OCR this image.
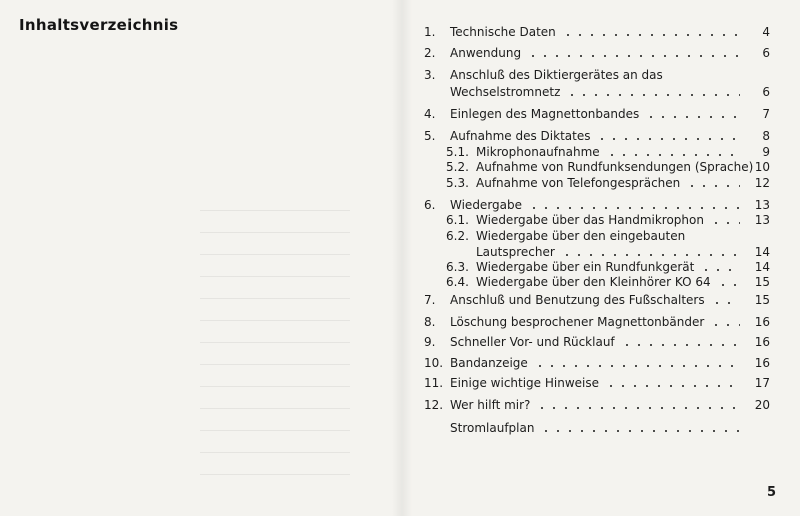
Inhaltsverzeichnis	1. Technische Daten	4
2. Anwendung	6
3. Anschluß des Diktiergerätes an das
Wechselstromnetz	6
4. Einlegen des Magnettonbandes	7
5. Aufnahme des Diktates	8
5.1. Mikrophonaufnahme	9
5.2. Aufnahme von Rundfunksendungen (Sprache) 10
5.3. Aufnahme von Telefongesprächen	12
6. Wiedergabe	13
6.1. Wiedergabe über das Handmikrophon	13
6.2. Wiedergabe über den eingebauten
Lautsprecher	14
6.3. Wiedergabe über ein Rundfunkgerät	14
6.4. Wiedergabe über den Kleinhörer KO 64	15
7. Anschluß und Benutzung des Fußschalters	15
8. Löschung besprochener Magnettonbänder	16
9. Schneller Vor- und Rücklauf	16
10. Bandanzeige	16
11. Einige wichtige Hinweise	17
12. Wer hilft mir?	20
Stromlaufplan
5
